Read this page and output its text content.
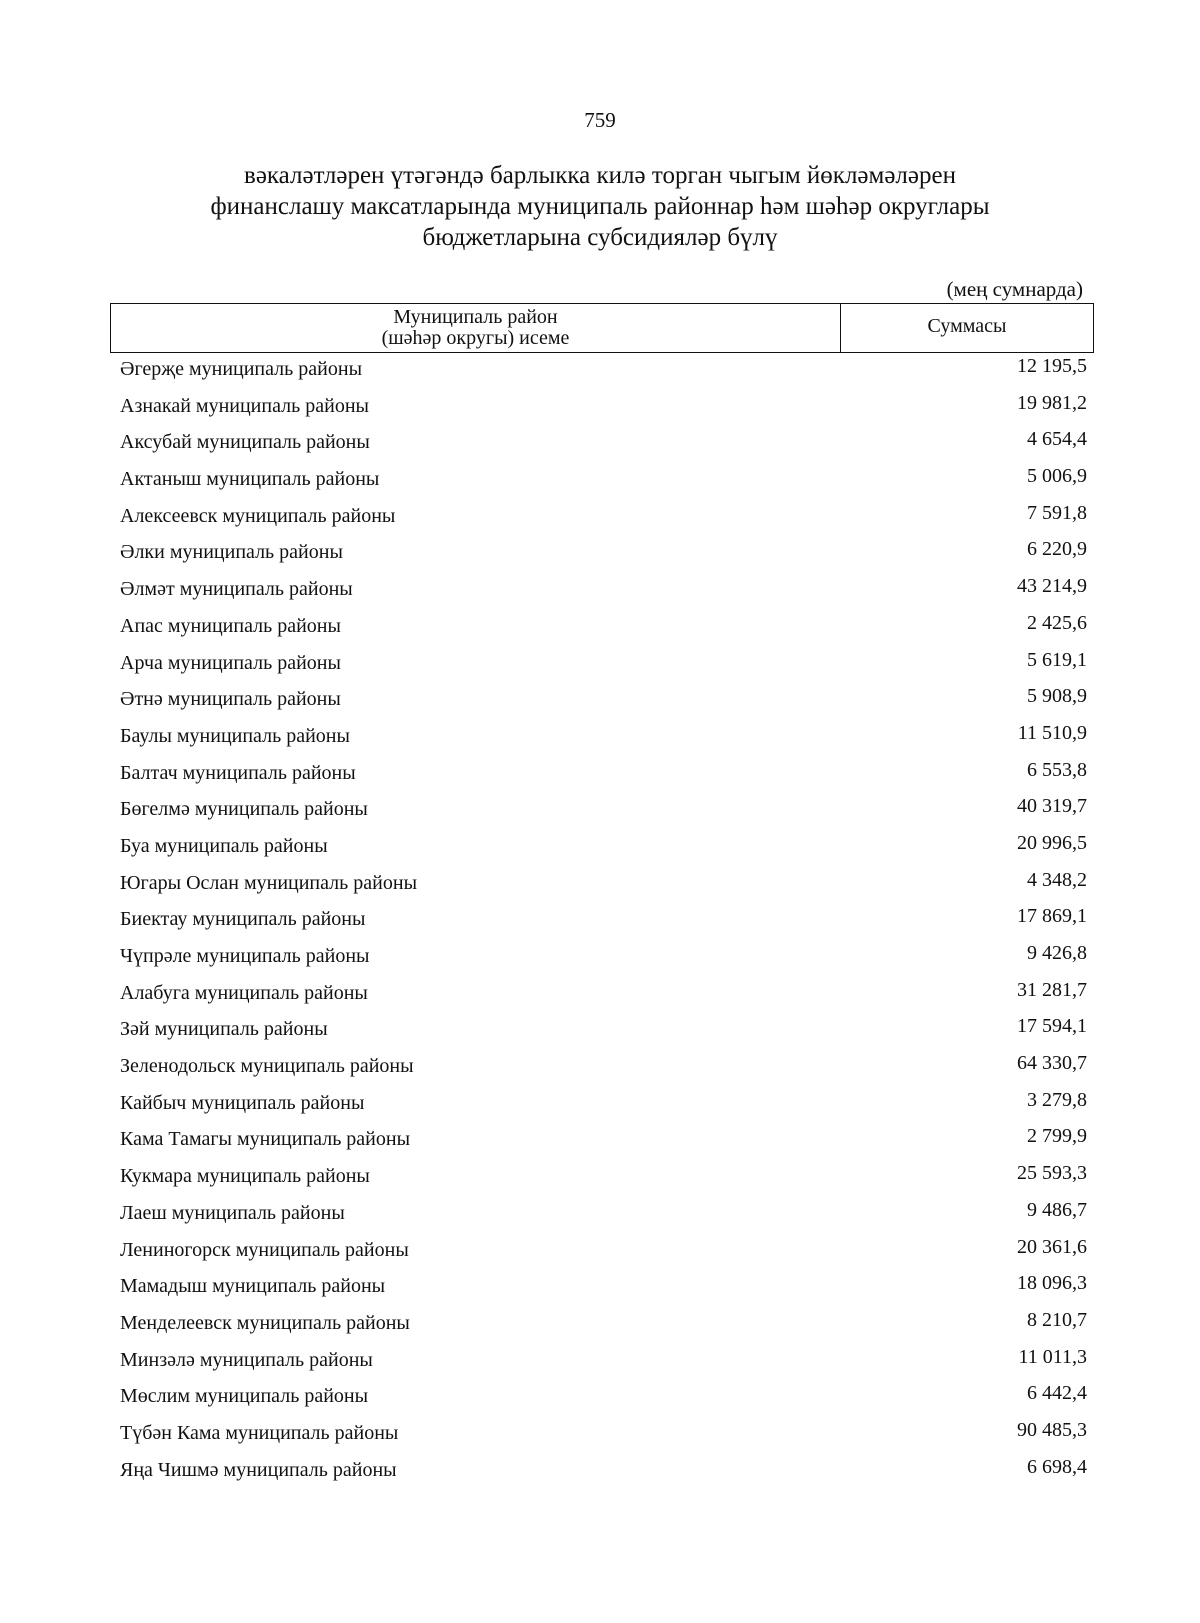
759
вәкаләтләрен үтәгәндә барлыкка килә торган чыгым йөкләмәләрен
финанслашу максатларында муниципаль районнар һәм шәһәр округлары
бюджетларына субсидияләр бүлү
(мең сумнарда)
Муниципаль район
(шәһәр округы) исеме
Суммасы
Әгерҗе муниципаль районы	12 195,5
Азнакай муниципаль районы	19 981,2
Аксубай муниципаль районы	4 654,4
Актаныш муниципаль районы	5 006,9
Алексеевск муниципаль районы	7 591,8
Әлки муниципаль районы	6 220,9
Әлмәт муниципаль районы	43 214,9
Апас муниципаль районы	2 425,6
Арча муниципаль районы	5 619,1
Әтнә муниципаль районы	5 908,9
Баулы муниципаль районы	11 510,9
Балтач муниципаль районы	6 553,8
Бөгелмә муниципаль районы	40 319,7
Буа муниципаль районы	20 996,5
Югары Ослан муниципаль районы	4 348,2
Биектау муниципаль районы	17 869,1
Чүпрәле муниципаль районы	9 426,8
Алабуга муниципаль районы	31 281,7
Зәй муниципаль районы	17 594,1
Зеленодольск муниципаль районы	64 330,7
Кайбыч муниципаль районы	3 279,8
Кама Тамагы муниципаль районы	2 799,9
Кукмара муниципаль районы	25 593,3
Лаеш муниципаль районы	9 486,7
Лениногорск муниципаль районы	20 361,6
Мамадыш муниципаль районы	18 096,3
Менделеевск муниципаль районы	8 210,7
Минзәлә муниципаль районы	11 011,3
Мөслим муниципаль районы	6 442,4
Түбән Кама муниципаль районы	90 485,3
Яңа Чишмә муниципаль районы	6 698,4
